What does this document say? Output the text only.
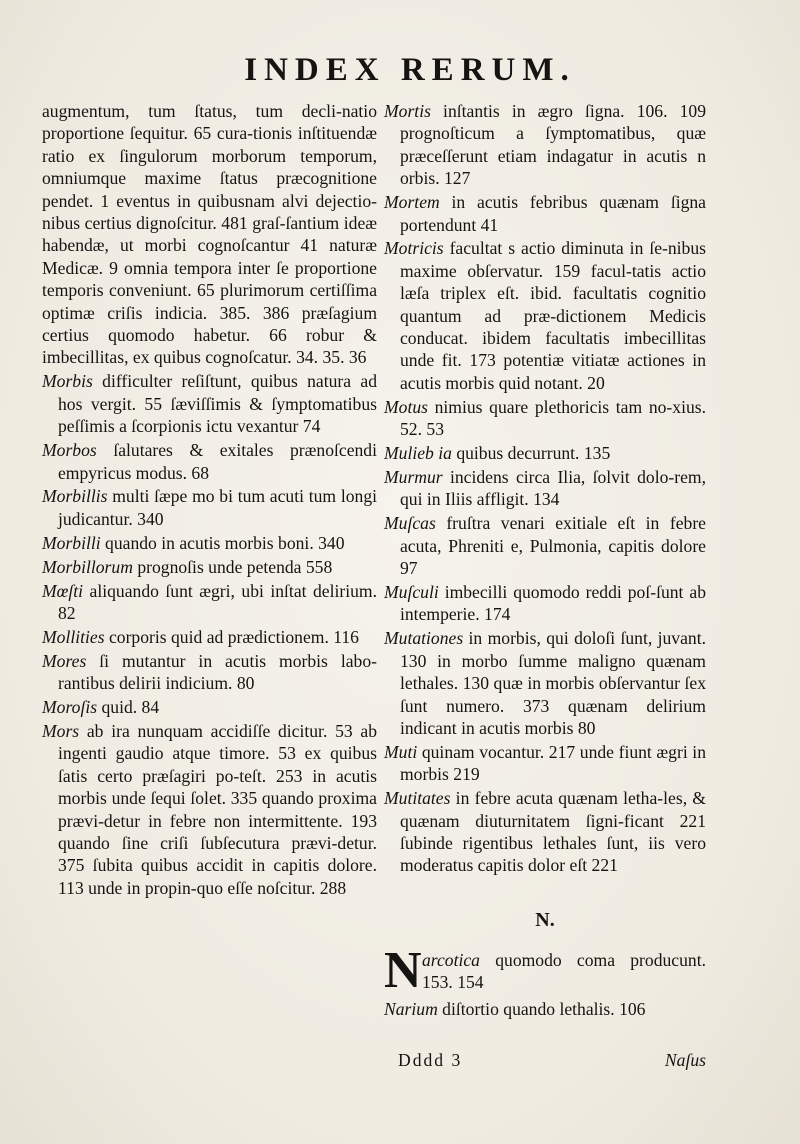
INDEX RERUM.

augmentum, tum ſtatus, tum decli-natio proportione ſequitur. 65 cura-tionis inſtituendæ ratio ex ſingulorum morborum temporum, omniumque maxime ſtatus præcognitione pendet. 1 eventus in quibusnam alvi dejectio-nibus certius dignoſcitur. 481 graſ-ſantium ideæ habendæ, ut morbi cognoſcantur 41 naturæ Medicæ. 9 omnia tempora inter ſe proportione temporis conveniunt. 65 plurimorum certiſſima optimæ criſis indicia. 385. 386 præſagium certius quomodo habetur. 66 robur & imbecillitas, ex quibus cognoſcatur. 34. 35. 36

Morbis difficulter reſiſtunt, quibus natura ad hos vergit. 55 ſæviſſimis & ſymptomatibus peſſimis a ſcorpionis ictu vexantur 74

Morbos ſalutares & exitales prænoſcendi empyricus modus. 68

Morbillis multi ſæpe mo bi tum acuti tum longi judicantur. 340

Morbilli quando in acutis morbis boni. 340

Morbillorum prognoſis unde petenda 558

Mœſti aliquando ſunt ægri, ubi inſtat delirium. 82

Mollities corporis quid ad prædictionem. 116

Mores ſi mutantur in acutis morbis labo-rantibus delirii indicium. 80

Moroſis quid. 84

Mors ab ira nunquam accidiſſe dicitur. 53 ab ingenti gaudio atque timore. 53 ex quibus ſatis certo præſagiri po-teſt. 253 in acutis morbis unde ſequi ſolet. 335 quando proxima prævi-detur in febre non intermittente. 193 quando ſine criſi ſubſecutura prævi-detur. 375 ſubita quibus accidit in capitis dolore. 113 unde in propin-quo eſſe noſcitur. 288

Mortis inſtantis in ægro ſigna. 106. 109 prognoſticum a ſymptomatibus, quæ præceſſerunt etiam indagatur in acutis n orbis. 127

Mortem in acutis febribus quænam ſigna portendunt 41

Motricis facultat s actio diminuta in ſe-nibus maxime obſervatur. 159 facul-tatis actio læſa triplex eſt. ibid. facultatis cognitio quantum ad præ-dictionem Medicis conducat. ibidem facultatis imbecillitas unde fit. 173 potentiæ vitiatæ actiones in acutis morbis quid notant. 20

Motus nimius quare plethoricis tam no-xius. 52. 53

Mulieb ia quibus decurrunt. 135

Murmur incidens circa Ilia, ſolvit dolo-rem, qui in Iliis affligit. 134

Muſcas fruſtra venari exitiale eſt in febre acuta, Phreniti e, Pulmonia, capitis dolore 97

Muſculi imbecilli quomodo reddi poſ-ſunt ab intemperie. 174

Mutationes in morbis, qui doloſi ſunt, juvant. 130 in morbo ſumme maligno quænam lethales. 130 quæ in morbis obſervantur ſex ſunt numero. 373 quænam delirium indicant in acutis morbis 80

Muti quinam vocantur. 217 unde fiunt ægri in morbis 219

Mutitates in febre acuta quænam letha-les, & quænam diuturnitatem ſigni-ficant 221 ſubinde rigentibus lethales ſunt, iis vero moderatus capitis dolor eſt 221

N.

N arcotica quomodo coma producunt. 153. 154

Narium diſtortio quando lethalis. 106

Dddd 3	Naſus
